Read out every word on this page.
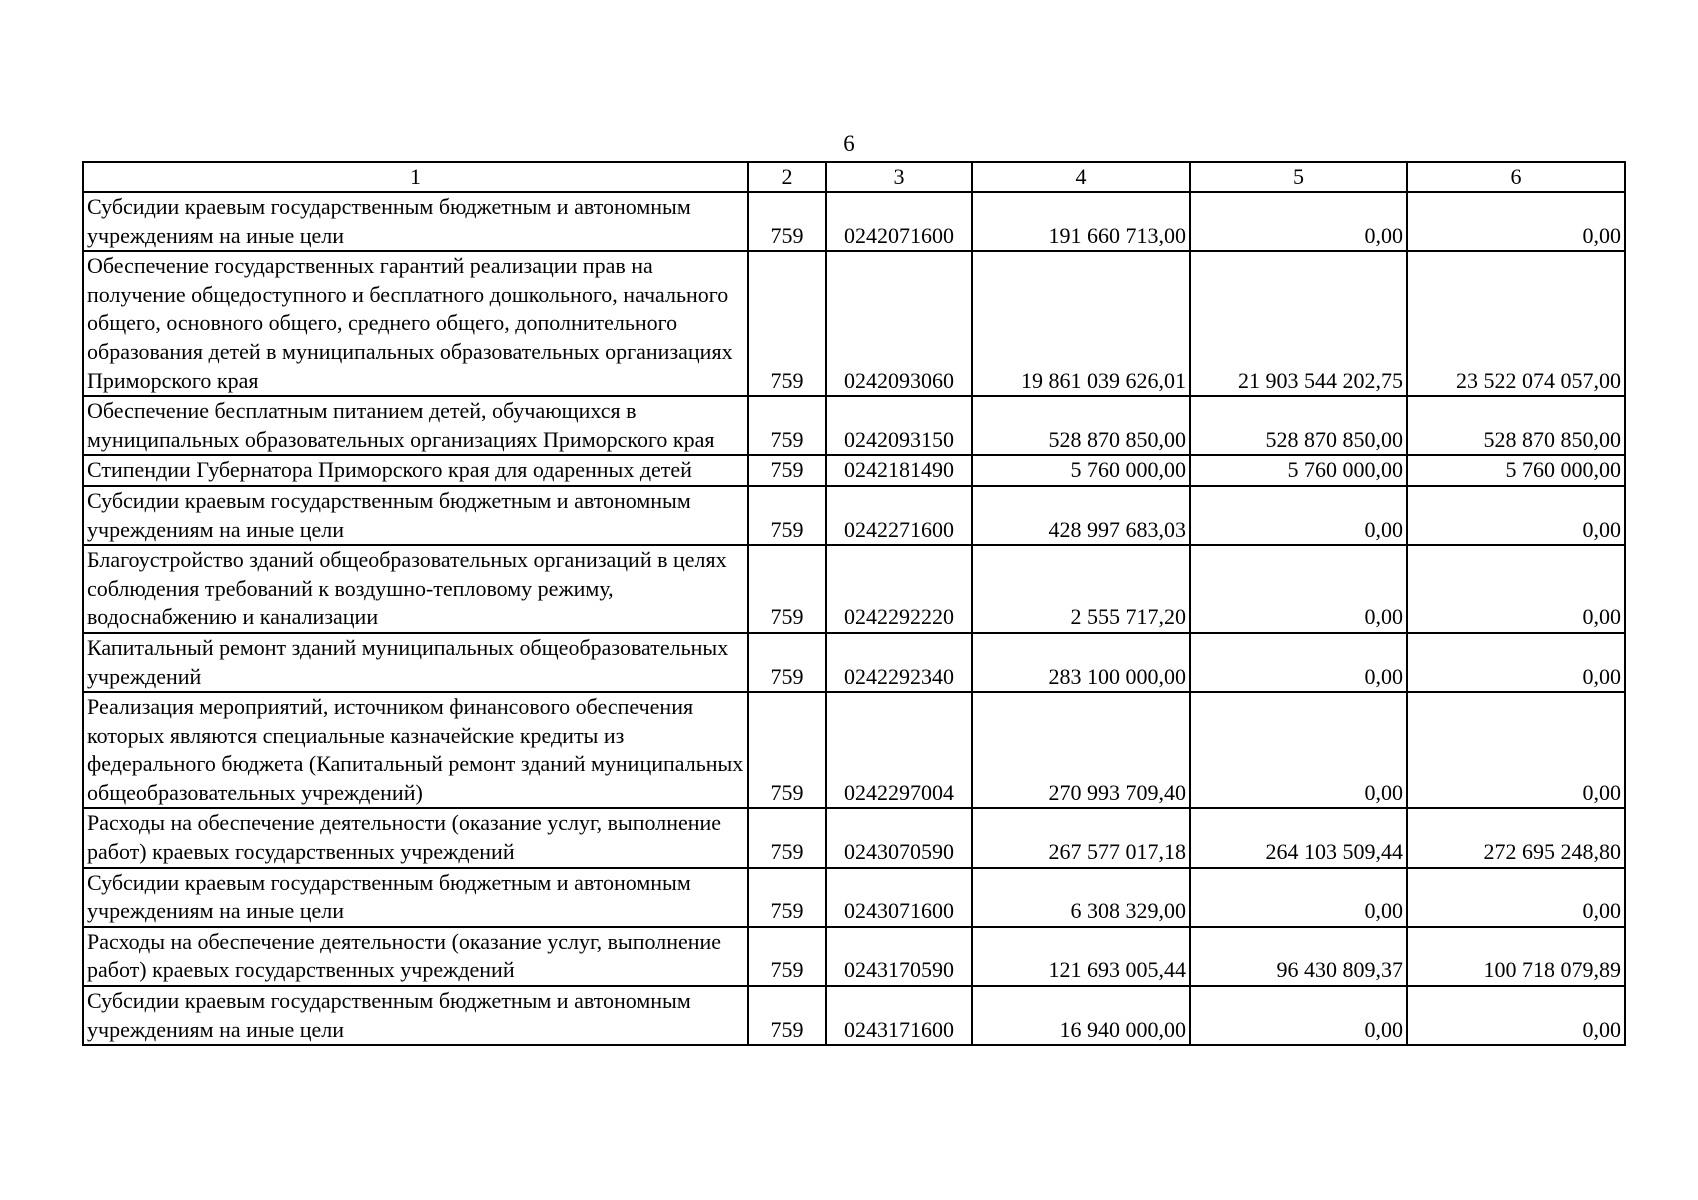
6
1	2	3	4	5	6
Субсидии краевым государственным бюджетным и автономным учреждениям на иные цели	759	0242071600	191 660 713,00	0,00	0,00
Обеспечение государственных гарантий реализации прав на получение общедоступного и бесплатного дошкольного, начального общего, основного общего, среднего общего, дополнительного образования детей в муниципальных образовательных организациях Приморского края	759	0242093060	19 861 039 626,01	21 903 544 202,75	23 522 074 057,00
Обеспечение бесплатным питанием детей, обучающихся в муниципальных образовательных организациях Приморского края	759	0242093150	528 870 850,00	528 870 850,00	528 870 850,00
Стипендии Губернатора Приморского края для одаренных детей	759	0242181490	5 760 000,00	5 760 000,00	5 760 000,00
Субсидии краевым государственным бюджетным и автономным учреждениям на иные цели	759	0242271600	428 997 683,03	0,00	0,00
Благоустройство зданий общеобразовательных организаций в целях соблюдения требований к воздушно-тепловому режиму, водоснабжению и канализации	759	0242292220	2 555 717,20	0,00	0,00
Капитальный ремонт зданий муниципальных общеобразовательных учреждений	759	0242292340	283 100 000,00	0,00	0,00
Реализация мероприятий, источником финансового обеспечения которых являются специальные казначейские кредиты из федерального бюджета (Капитальный ремонт зданий муниципальных общеобразовательных учреждений)	759	0242297004	270 993 709,40	0,00	0,00
Расходы на обеспечение деятельности (оказание услуг, выполнение работ) краевых государственных учреждений	759	0243070590	267 577 017,18	264 103 509,44	272 695 248,80
Субсидии краевым государственным бюджетным и автономным учреждениям на иные цели	759	0243071600	6 308 329,00	0,00	0,00
Расходы на обеспечение деятельности (оказание услуг, выполнение работ) краевых государственных учреждений	759	0243170590	121 693 005,44	96 430 809,37	100 718 079,89
Субсидии краевым государственным бюджетным и автономным учреждениям на иные цели	759	0243171600	16 940 000,00	0,00	0,00
